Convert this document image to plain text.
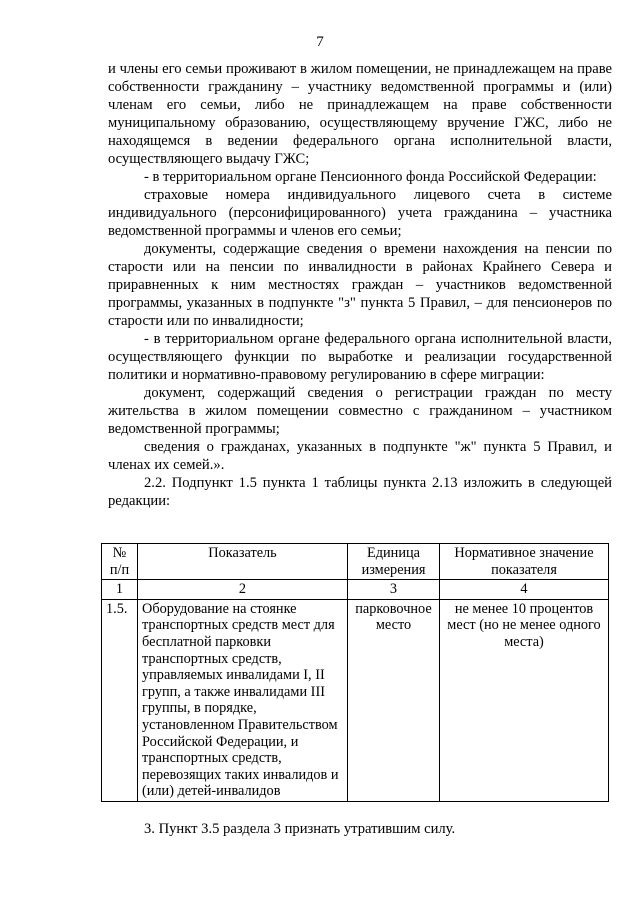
7

и члены его семьи проживают в жилом помещении, не принадлежащем на праве собственности гражданину – участнику ведомственной программы и (или) членам его семьи, либо не принадлежащем на праве собственности муниципальному образованию, осуществляющему вручение ГЖС, либо не находящемся в ведении федерального органа исполнительной власти, осуществляющего выдачу ГЖС;

- в территориальном органе Пенсионного фонда Российской Федерации:

страховые номера индивидуального лицевого счета в системе индивидуального (персонифицированного) учета гражданина – участника ведомственной программы и членов его семьи;

документы, содержащие сведения о времени нахождения на пенсии по старости или на пенсии по инвалидности в районах Крайнего Севера и приравненных к ним местностях граждан – участников ведомственной программы, указанных в подпункте "з" пункта 5 Правил, – для пенсионеров по старости или по инвалидности;

- в территориальном органе федерального органа исполнительной власти, осуществляющего функции по выработке и реализации государственной политики и нормативно-правовому регулированию в сфере миграции:

документ, содержащий сведения о регистрации граждан по месту жительства в жилом помещении совместно с гражданином – участником ведомственной программы;

сведения о гражданах, указанных в подпункте "ж" пункта 5 Правил, и членах их семей.».

2.2. Подпункт 1.5 пункта 1 таблицы пункта 2.13 изложить в следующей редакции:

№ п/п	Показатель	Единица измерения	Нормативное значение показателя
1	2	3	4
1.5.	Оборудование на стоянке транспортных средств мест для бесплатной парковки транспортных средств, управляемых инвалидами I, II групп, а также инвалидами III группы, в порядке, установленном Правительством Российской Федерации, и транспортных средств, перевозящих таких инвалидов и (или) детей-инвалидов	парковочное место	не менее 10 процентов мест (но не менее одного места)
3. Пункт 3.5 раздела 3 признать утратившим силу.
